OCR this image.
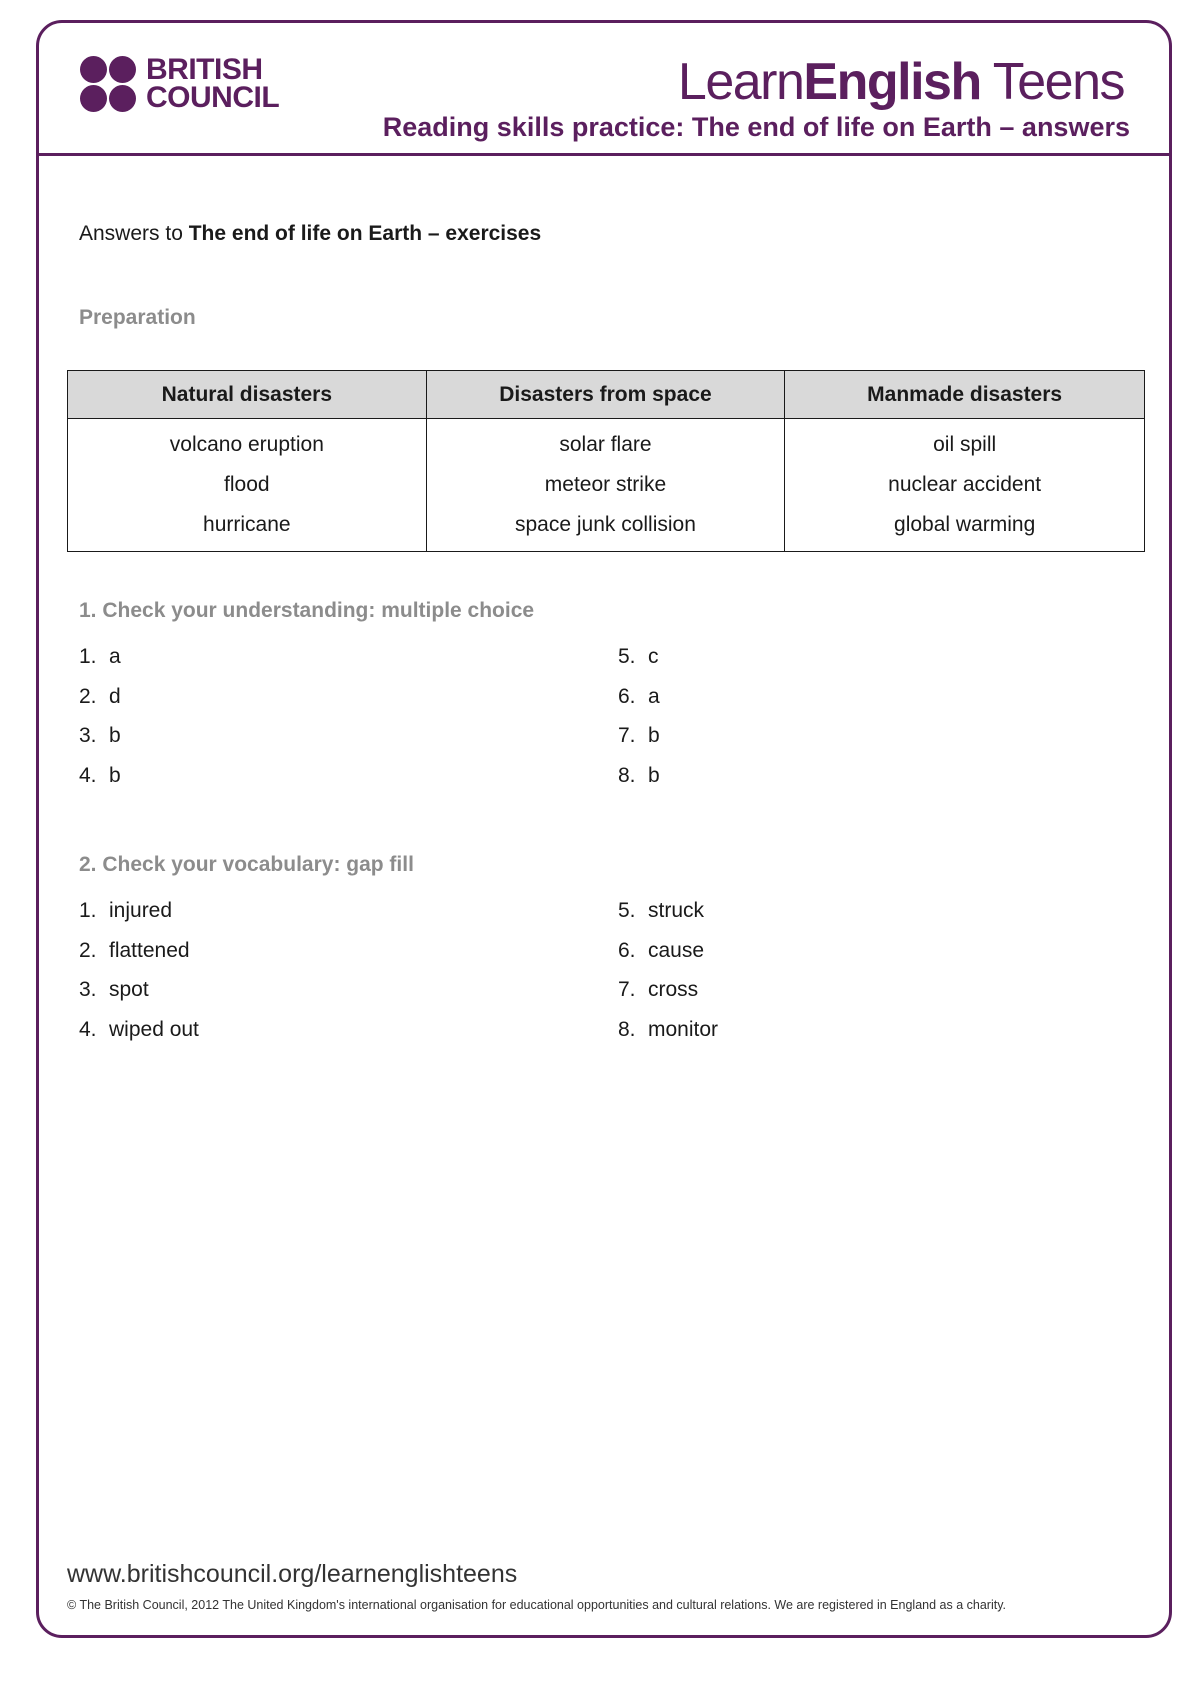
BRITISH
COUNCIL	LearnEnglish Teens
Reading skills practice: The end of life on Earth – answers
Answers to The end of life on Earth – exercises
Preparation
Natural disasters	Disasters from space	Manmade disasters
volcano eruption	solar flare	oil spill
flood	meteor strike	nuclear accident
hurricane	space junk collision	global warming
1. Check your understanding: multiple choice
1. a
2. d
3. b
4. b
5. c
6. a
7. b
8. b
2. Check your vocabulary: gap fill
1. injured
2. flattened
3. spot
4. wiped out
5. struck
6. cause
7. cross
8. monitor
www.britishcouncil.org/learnenglishteens
© The British Council, 2012 The United Kingdom's international organisation for educational opportunities and cultural relations. We are registered in England as a charity.
